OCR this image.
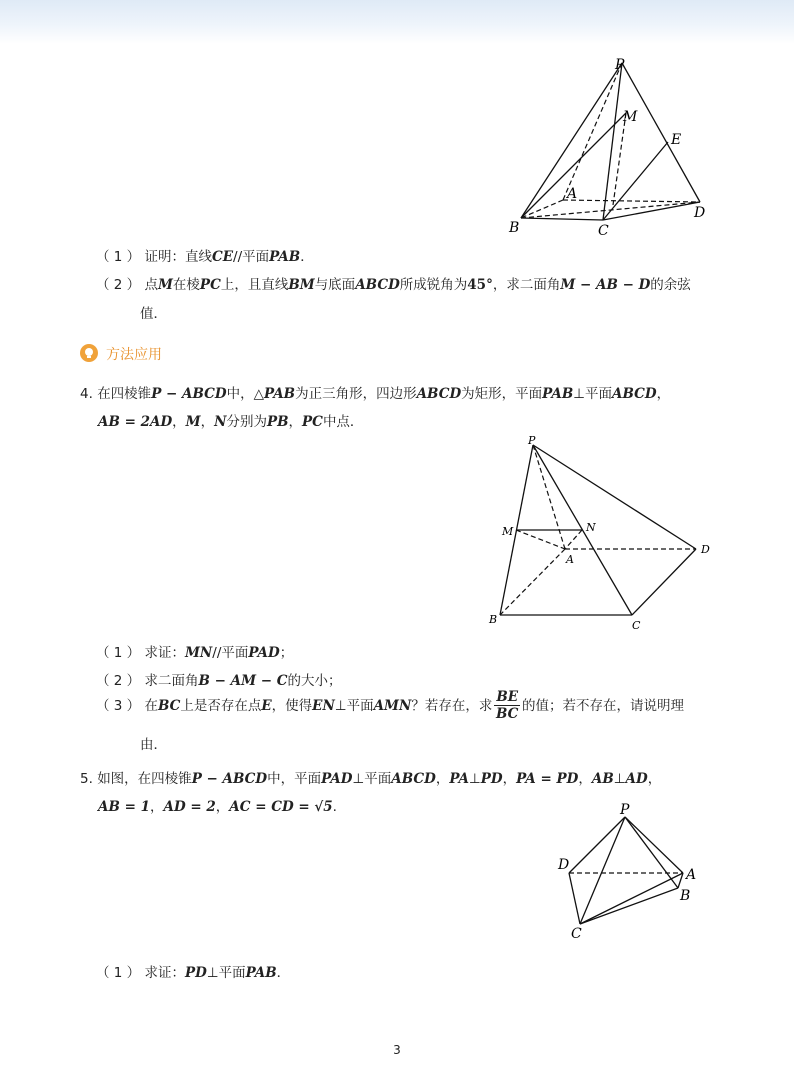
P
M
E
A
B	C
D
（ 1 ） 证明：直线CE//平面PAB．
（ 2 ） 点M在棱PC上，且直线BM与底面ABCD所成锐角为45°，求二面角M − AB − D的余弦
值．
方法应用
4. 在四棱锥P − ABCD中，△PAB为正三角形，四边形ABCD为矩形，平面PAB⊥平面ABCD，
AB = 2AD，M，N分别为PB，PC中点．
P
M	N
A
D
B	C
（ 1 ） 求证：MN//平面PAD；
（ 2 ） 求二面角B − AM − C的大小；
（ 3 ） 在BC上是否存在点E，使得EN⊥平面AMN？若存在，求 $\frac{BE}{BC}$ 的值；若不存在，请说明理
由．
5. 如图，在四棱锥P − ABCD中，平面PAD⊥平面ABCD，PA⊥PD，PA = PD，AB⊥AD，
AB = 1，AD = 2，AC = CD = √5.	P
D
A
B
C
（ 1 ） 求证：PD⊥平面PAB．
3
